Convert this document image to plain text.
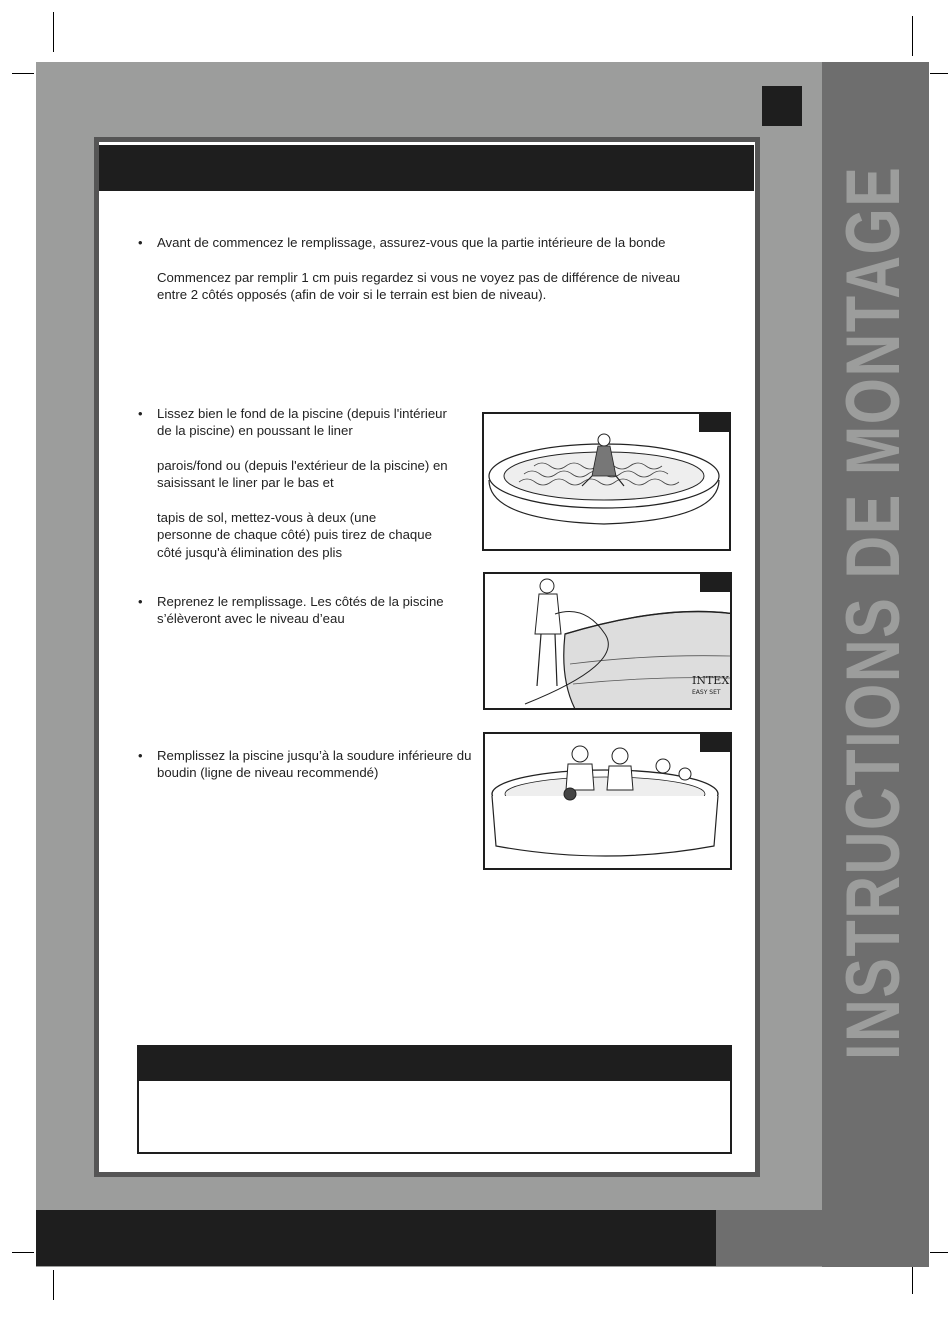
INSTRUCTIONS DE MONTAGE
• Avant de commencez le remplissage, assurez-vous que la partie intérieure de la bonde

Commencez par remplir 1 cm puis regardez si vous ne voyez pas de différence de niveau entre 2 côtés opposés (afin de voir si le terrain est bien de niveau).

• Lissez bien le fond de la piscine (depuis l'intérieur de la piscine) en poussant le liner

parois/fond ou (depuis l'extérieur de la piscine) en saisissant le liner par le bas et

tapis de sol, mettez-vous à deux (une personne de chaque côté) puis tirez de chaque côté jusqu'à élimination des plis

• Reprenez le remplissage. Les côtés de la piscine s’élèveront avec le niveau d’eau

• Remplissez la piscine jusqu’à la soudure inférieure du boudin (ligne de niveau recommendé)

INTEX
EASY SET
